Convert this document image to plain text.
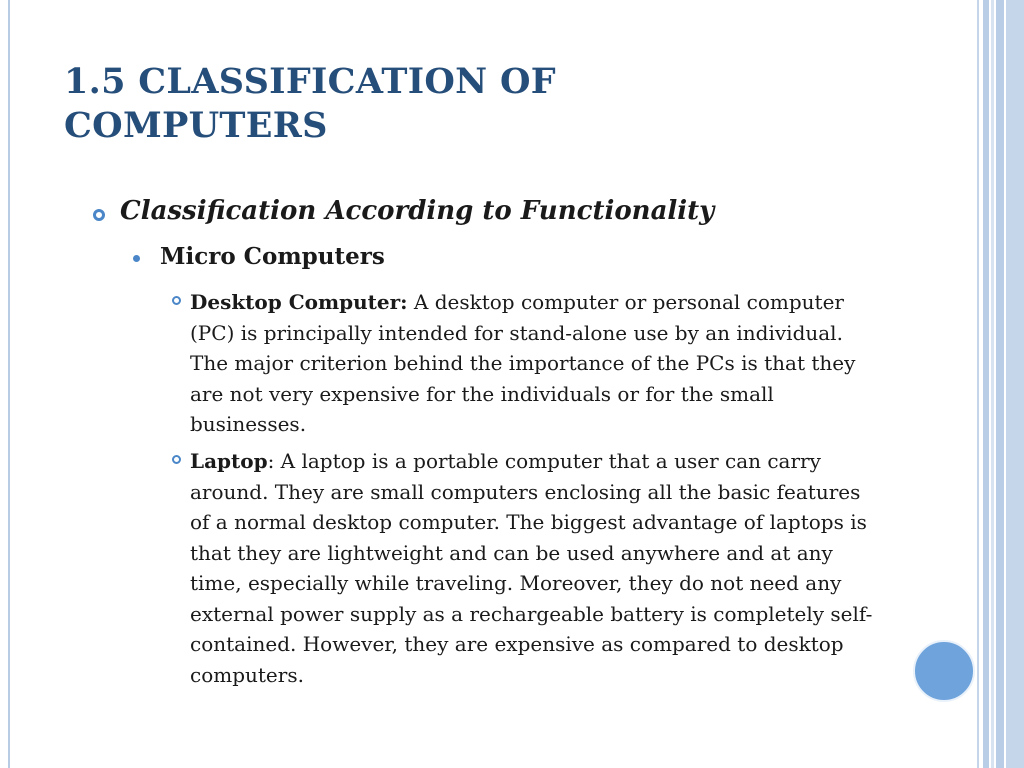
1.5 CLASSIFICATION OF COMPUTERS
Classification According to Functionality
Micro Computers

Desktop Computer: A desktop computer or personal computer (PC) is principally intended for stand-alone use by an individual. The major criterion behind the importance of the PCs is that they are not very expensive for the individuals or for the small businesses.

Laptop: A laptop is a portable computer that a user can carry around. They are small computers enclosing all the basic features of a normal desktop computer. The biggest advantage of laptops is that they are lightweight and can be used anywhere and at any time, especially while traveling. Moreover, they do not need any external power supply as a rechargeable battery is completely self-contained. However, they are expensive as compared to desktop computers.
